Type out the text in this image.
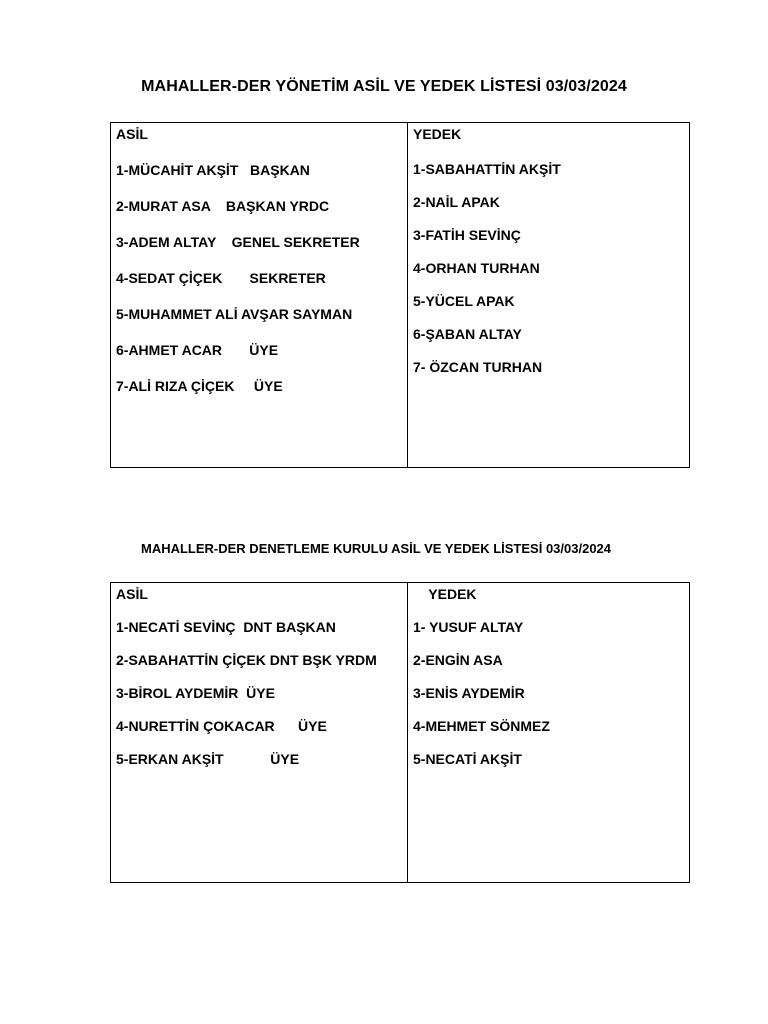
MAHALLER-DER YÖNETİM ASİL VE YEDEK LİSTESİ 03/03/2024
ASİL
1-MÜCAHİT AKŞİT   BAŞKAN
2-MURAT ASA    BAŞKAN YRDC
3-ADEM ALTAY    GENEL SEKRETER
4-SEDAT ÇİÇEK       SEKRETER
5-MUHAMMET ALİ AVŞAR SAYMAN
6-AHMET ACAR       ÜYE
7-ALİ RIZA ÇİÇEK     ÜYE
YEDEK
1-SABAHATTİN AKŞİT
2-NAİL APAK
3-FATİH SEVİNÇ
4-ORHAN TURHAN
5-YÜCEL APAK
6-ŞABAN ALTAY
7- ÖZCAN TURHAN
MAHALLER-DER DENETLEME KURULU ASİL VE YEDEK LİSTESİ 03/03/2024
ASİL
1-NECATİ SEVİNÇ  DNT BAŞKAN
2-SABAHATTİN ÇİÇEK DNT BŞK YRDM
3-BİROL AYDEMİR  ÜYE
4-NURETTİN ÇOKACAR      ÜYE
5-ERKAN AKŞİT            ÜYE
YEDEK
1- YUSUF ALTAY
2-ENGİN ASA
3-ENİS AYDEMİR
4-MEHMET SÖNMEZ
5-NECATİ AKŞİT
